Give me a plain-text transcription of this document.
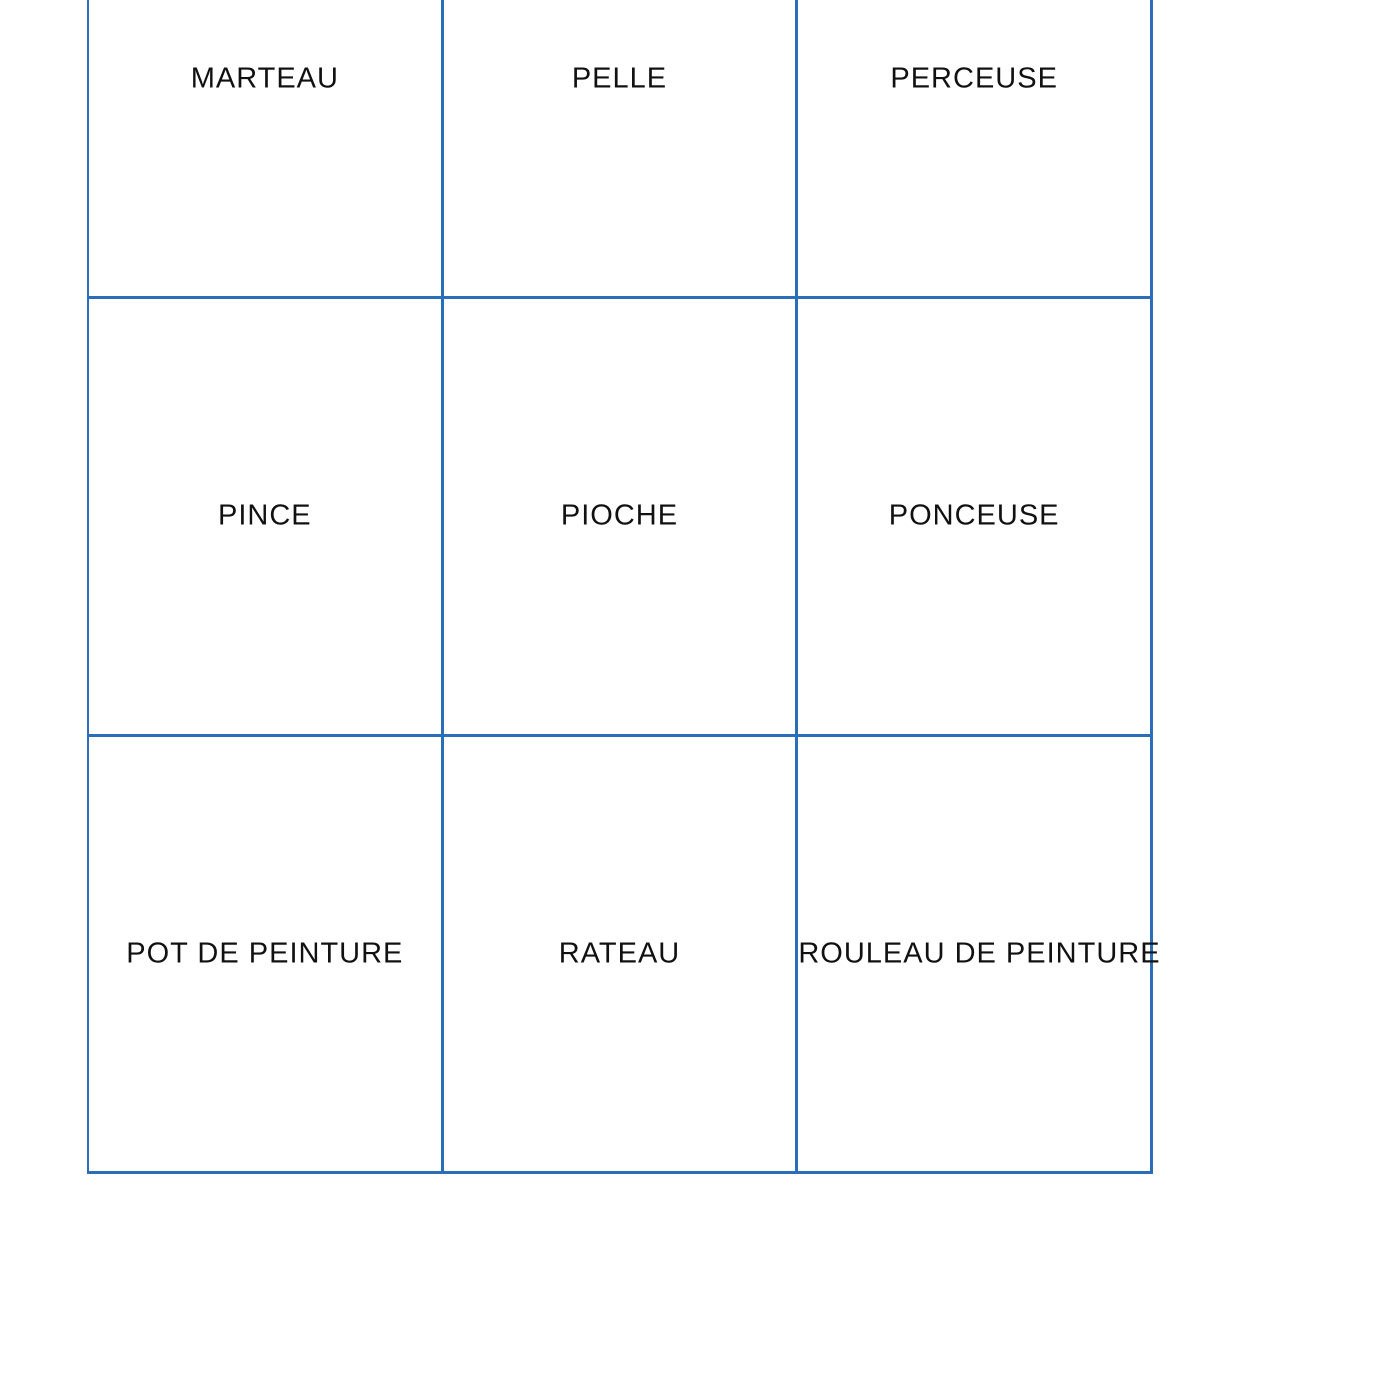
MARTEAU	PELLE	PERCEUSE
PINCE	PIOCHE	PONCEUSE
POT DE PEINTURE	RATEAU	ROULEAU DE PEINTURE
